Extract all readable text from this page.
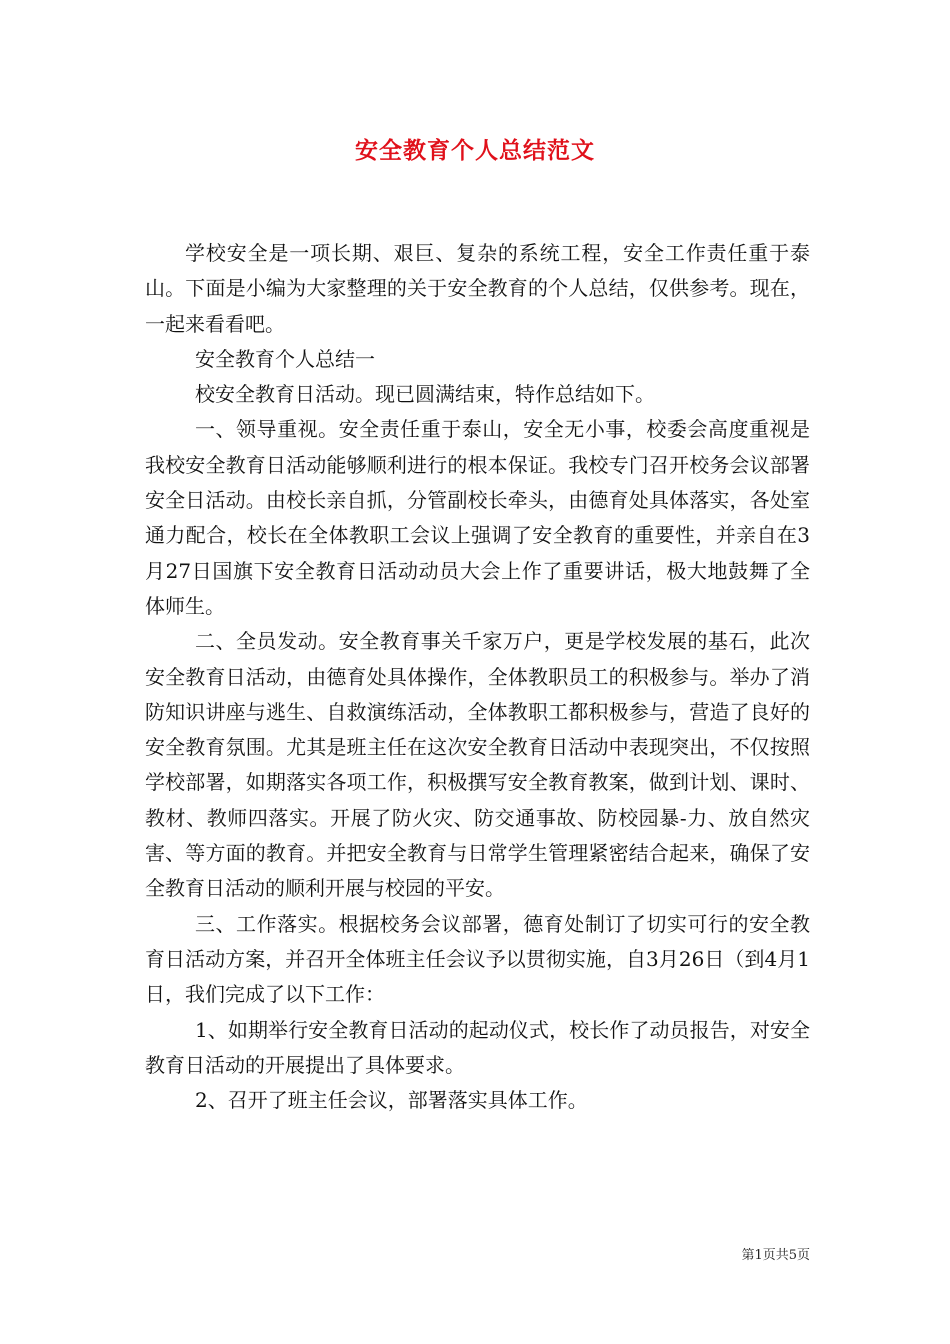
安全教育个人总结范文

学校安全是一项长期、艰巨、复杂的系统工程，安全工作责任重于泰山。下面是小编为大家整理的关于安全教育的个人总结，仅供参考。现在，一起来看看吧。

安全教育个人总结一

校安全教育日活动。现已圆满结束，特作总结如下。

一、领导重视。安全责任重于泰山，安全无小事，校委会高度重视是我校安全教育日活动能够顺利进行的根本保证。我校专门召开校务会议部署安全日活动。由校长亲自抓，分管副校长牵头，由德育处具体落实，各处室通力配合，校长在全体教职工会议上强调了安全教育的重要性，并亲自在3月27日国旗下安全教育日活动动员大会上作了重要讲话，极大地鼓舞了全体师生。

二、全员发动。安全教育事关千家万户，更是学校发展的基石，此次安全教育日活动，由德育处具体操作，全体教职员工的积极参与。举办了消防知识讲座与逃生、自救演练活动，全体教职工都积极参与，营造了良好的安全教育氛围。尤其是班主任在这次安全教育日活动中表现突出，不仅按照学校部署，如期落实各项工作，积极撰写安全教育教案，做到计划、课时、教材、教师四落实。开展了防火灾、防交通事故、防校园暴-力、放自然灾害、等方面的教育。并把安全教育与日常学生管理紧密结合起来，确保了安全教育日活动的顺利开展与校园的平安。

三、工作落实。根据校务会议部署，德育处制订了切实可行的安全教育日活动方案，并召开全体班主任会议予以贯彻实施，自3月26日（到4月1日，我们完成了以下工作：

1、如期举行安全教育日活动的起动仪式，校长作了动员报告，对安全教育日活动的开展提出了具体要求。

2、召开了班主任会议，部署落实具体工作。

第1页共5页
